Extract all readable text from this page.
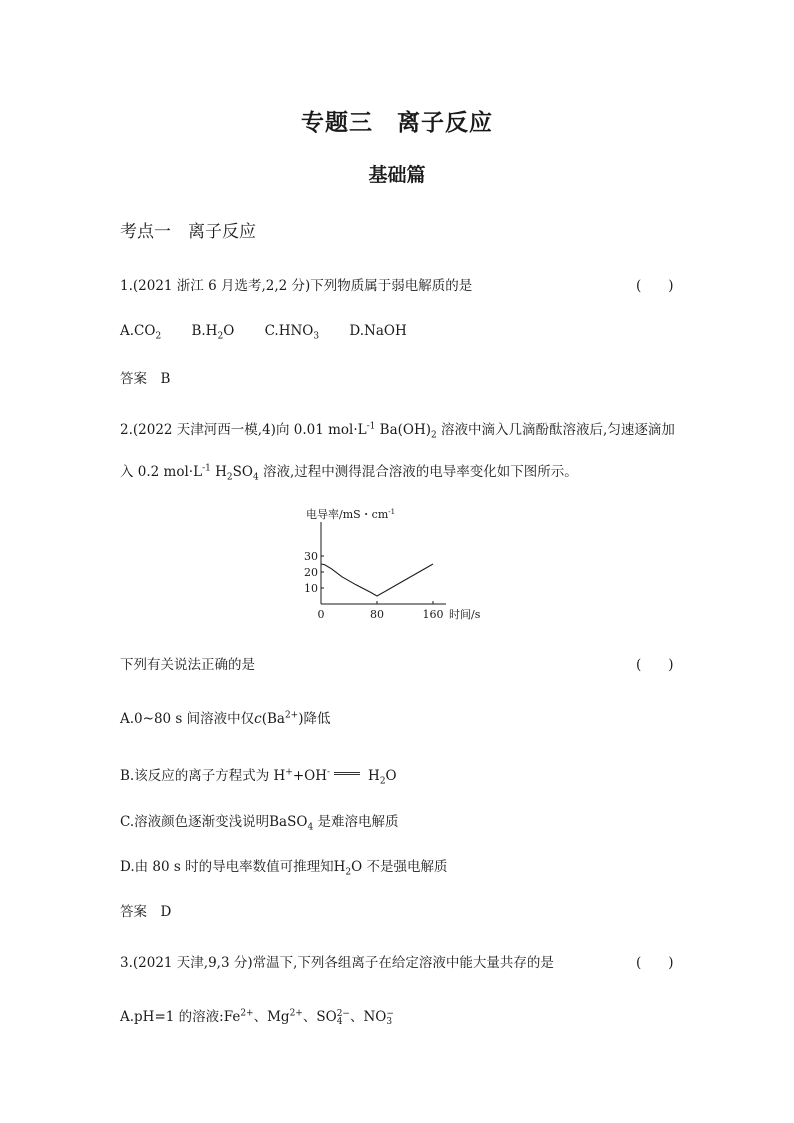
专题三　离子反应
基础篇
考点一　离子反应
1.(2021 浙江 6 月选考,2,2 分)下列物质属于弱电解质的是	(　　)
$A.CO_2$ $B.H_2O$ $C.HNO_3$ D.NaOH
答案　B
2.(2022 天津河西一模,4)向 0.01 $mol\cdot L^{-1}$ $Ba(OH)_2$ 溶液中滴入几滴酚酞溶液后,匀速逐滴加
入 0.2 $mol\cdot L^{-1}$ $H_2SO_4$ 溶液,过程中测得混合溶液的电导率变化如下图所示。
电导率/mS・$cm^{-1}$
10
20
30
0	80	160 时间/s
下列有关说法正确的是	(　　)
A.0~80 s 间溶液中仅$c(Ba^{2+})$降低
B.该反应的离子方程式为 H++OH-	$H_2O$
C.溶液颜色逐渐变浅说明BaSO$_4$ 是难溶电解质
D.由 80 s 时的导电率数值可推理知$H_2O$ 不是强电解质
答案　D
3.(2021 天津,9,3 分)常温下,下列各组离子在给定溶液中能大量共存的是	(　　)
A.pH=1 的溶液$:Fe^{2+}$、$Mg^{2+}$、SO2−
4 、NO−
3
